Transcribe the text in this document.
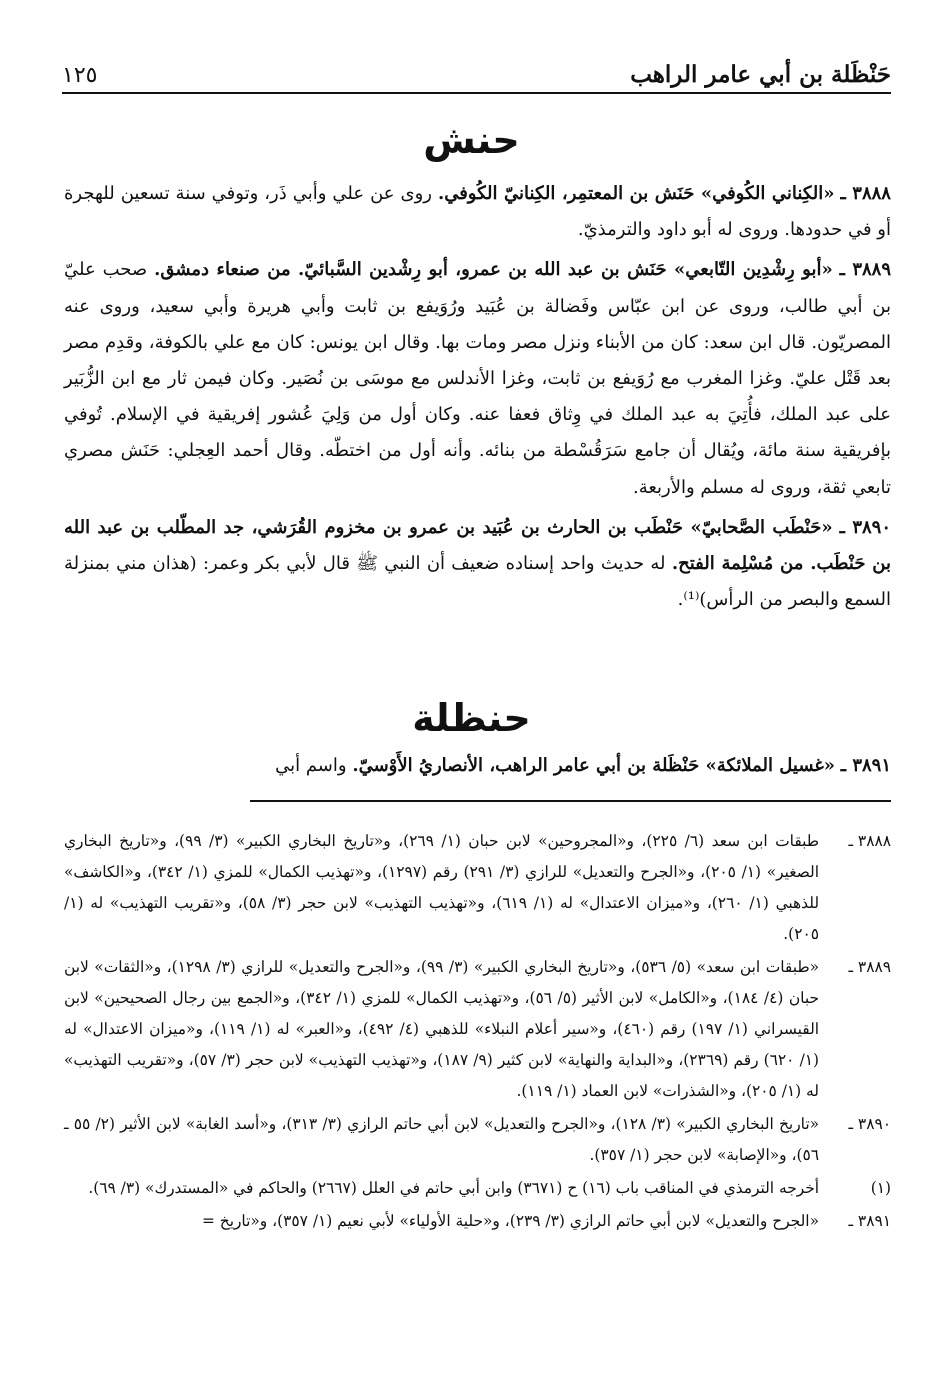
حَنْظَلة بن أبي عامر الراهب
١٢٥
حنش

٣٨٨٨ ـ «الكِناني الكُوفي» حَنَش بن المعتمِر، الكِنانيّ الكُوفي. روى عن علي وأبي ذَر، وتوفي سنة تسعين للهجرة أو في حدودها. وروى له أبو داود والترمذيّ.

٣٨٨٩ ـ «أبو رِشْدِين التّابعي» حَنَش بن عبد الله بن عمرو، أبو رِشْدين السَّبائيّ. من صنعاء دمشق. صحب عليّ بن أبي طالب، وروى عن ابن عبّاس وفَضالة بن عُبَيد ورُوَيفع بن ثابت وأبي هريرة وأبي سعيد، وروى عنه المصريّون. قال ابن سعد: كان من الأبناء ونزل مصر ومات بها. وقال ابن يونس: كان مع علي بالكوفة، وقدِم مصر بعد قَتْل عليّ. وغزا المغرب مع رُوَيفع بن ثابت، وغزا الأندلس مع موسَى بن نُصَير. وكان فيمن ثار مع ابن الزُّبَير على عبد الملك، فأُتِيَ به عبد الملك في وِثاق فعفا عنه. وكان أول من وَلِيَ عُشور إفريقية في الإسلام. تُوفي بإفريقية سنة مائة، ويُقال أن جامع سَرَقُسْطة من بنائه. وأنه أول من اختطّه. وقال أحمد العِجلي: حَنَش مصري تابعي ثقة، وروى له مسلم والأربعة.

٣٨٩٠ ـ «حَنْطَب الصَّحابيّ» حَنْطَب بن الحارث بن عُبَيد بن عمرو بن مخزوم القُرَشي، جد المطّلب بن عبد الله بن حَنْطَب. من مُسْلِمة الفتح. له حديث واحد إسناده ضعيف أن النبي ﷺ قال لأبي بكر وعمر: (هذان مني بمنزلة السمع والبصر من الرأس)⁽¹⁾.

حنظلة

٣٨٩١ ـ «غسيل الملائكة» حَنْظَلة بن أبي عامر الراهب، الأنصاريُ الأَوْسيّ. واسم أبي

٣٨٨٨ ـ
طبقات ابن سعد (٦/ ٢٢٥)، و«المجروحين» لابن حبان (١/ ٢٦٩)، و«تاريخ البخاري الكبير» (٣/ ٩٩)، و«تاريخ البخاري الصغير» (١/ ٢٠٥)، و«الجرح والتعديل» للرازي (٣/ ٢٩١) رقم (١٢٩٧)، و«تهذيب الكمال» للمزي (١/ ٣٤٢)، و«الكاشف» للذهبي (١/ ٢٦٠)، و«ميزان الاعتدال» له (١/ ٦١٩)، و«تهذيب التهذيب» لابن حجر (٣/ ٥٨)، و«تقريب التهذيب» له (١/ ٢٠٥).
٣٨٨٩ ـ
«طبقات ابن سعد» (٥/ ٥٣٦)، و«تاريخ البخاري الكبير» (٣/ ٩٩)، و«الجرح والتعديل» للرازي (٣/ ١٢٩٨)، و«الثقات» لابن حبان (٤/ ١٨٤)، و«الكامل» لابن الأثير (٥/ ٥٦)، و«تهذيب الكمال» للمزي (١/ ٣٤٢)، و«الجمع بين رجال الصحيحين» لابن القيسراني (١/ ١٩٧) رقم (٤٦٠)، و«سير أعلام النبلاء» للذهبي (٤/ ٤٩٢)، و«العبر» له (١/ ١١٩)، و«ميزان الاعتدال» له (١/ ٦٢٠) رقم (٢٣٦٩)، و«البداية والنهاية» لابن كثير (٩/ ١٨٧)، و«تهذيب التهذيب» لابن حجر (٣/ ٥٧)، و«تقريب التهذيب» له (١/ ٢٠٥)، و«الشذرات» لابن العماد (١/ ١١٩).
٣٨٩٠ ـ
«تاريخ البخاري الكبير» (٣/ ١٢٨)، و«الجرح والتعديل» لابن أبي حاتم الرازي (٣/ ٣١٣)، و«أسد الغابة» لابن الأثير (٢/ ٥٥ ـ ٥٦)، و«الإصابة» لابن حجر (١/ ٣٥٧).
(١)
أخرجه الترمذي في المناقب باب (١٦) ح (٣٦٧١) وابن أبي حاتم في العلل (٢٦٦٧) والحاكم في «المستدرك» (٣/ ٦٩).
٣٨٩١ ـ
«الجرح والتعديل» لابن أبي حاتم الرازي (٣/ ٢٣٩)، و«حلية الأولياء» لأبي نعيم (١/ ٣٥٧)، و«تاريخ =
